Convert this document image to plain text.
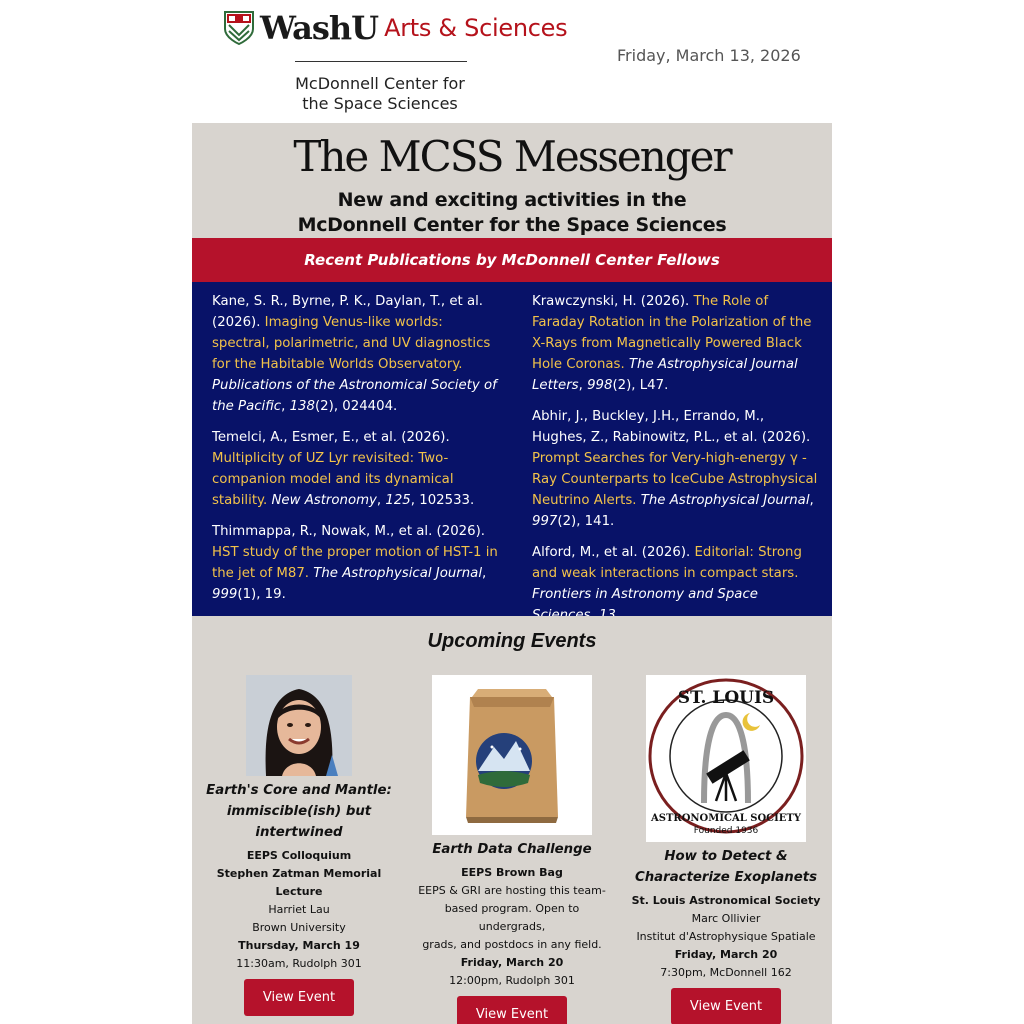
WashU Arts & Sciences
McDonnell Center for
the Space Sciences
Friday, March 13, 2026
The MCSS Messenger
New and exciting activities in the
McDonnell Center for the Space Sciences
Recent Publications by McDonnell Center Fellows
Kane, S. R., Byrne, P. K., Daylan, T., et al. (2026). Imaging Venus-like worlds: spectral, polarimetric, and UV diagnostics for the Habitable Worlds Observatory. Publications of the Astronomical Society of the Pacific, 138(2), 024404.
Temelci, A., Esmer, E., et al. (2026). Multiplicity of UZ Lyr revisited: Two-companion model and its dynamical stability. New Astronomy, 125, 102533.
Thimmappa, R., Nowak, M., et al. (2026). HST study of the proper motion of HST-1 in the jet of M87. The Astrophysical Journal, 999(1), 19.
Krawczynski, H. (2026). The Role of Faraday Rotation in the Polarization of the X-Rays from Magnetically Powered Black Hole Coronas. The Astrophysical Journal Letters, 998(2), L47.
Abhir, J., Buckley, J.H., Errando, M., Hughes, Z., Rabinowitz, P.L., et al. (2026). Prompt Searches for Very-high-energy γ -Ray Counterparts to IceCube Astrophysical Neutrino Alerts. The Astrophysical Journal, 997(2), 141.
Alford, M., et al. (2026). Editorial: Strong and weak interactions in compact stars. Frontiers in Astronomy and Space
Upcoming Events
Earth's Core and Mantle:
immiscible(ish) but
intertwined
EEPS Colloquium
Stephen Zatman Memorial Lecture
Harriet Lau
Brown University
Thursday, March 19
11:30am, Rudolph 301
View Event
Earth Data Challenge
EEPS Brown Bag
EEPS & GRI are hosting this team-
based program. Open to undergrads,
grads, and postdocs in any field.
Friday, March 20
12:00pm, Rudolph 301
View Event
ST. LOUIS
Founded 1936
ASTRONOMICAL SOCIETY
How to Detect &
Characterize Exoplanets
St. Louis Astronomical Society
Marc Ollivier
Institut d'Astrophysique Spatiale
Friday, March 20
7:30pm, McDonnell 162
View Event
